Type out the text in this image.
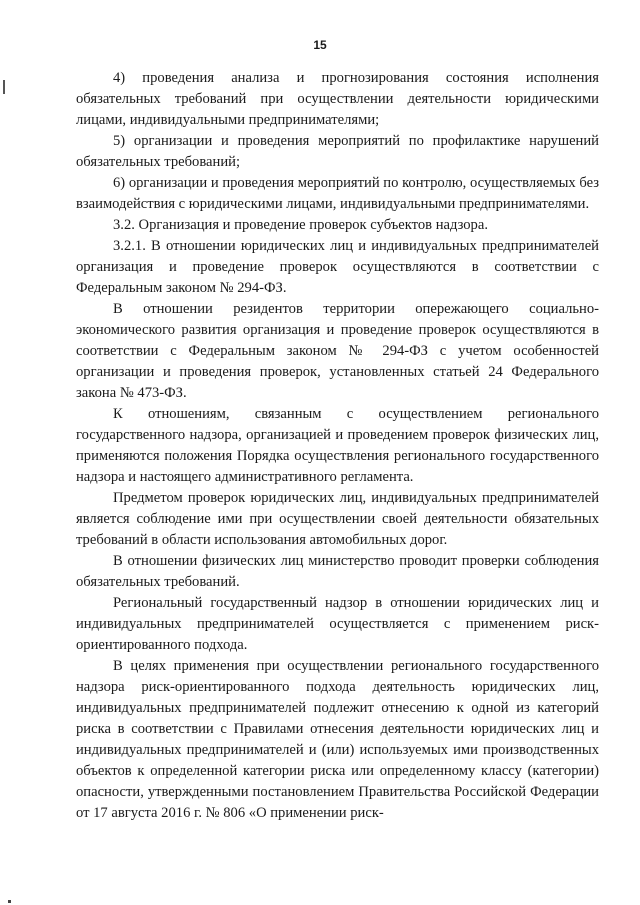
15

4) проведения анализа и прогнозирования состояния исполнения обязательных требований при осуществлении деятельности юридическими лицами, индивидуальными предпринимателями;

5) организации и проведения мероприятий по профилактике нарушений обязательных требований;

6) организации и проведения мероприятий по контролю, осуществляемых без взаимодействия с юридическими лицами, индивидуальными предпринимателями.

3.2. Организация и проведение проверок субъектов надзора.

3.2.1. В отношении юридических лиц и индивидуальных предпринимателей организация и проведение проверок осуществляются в соответствии с Федеральным законом № 294-ФЗ.

В отношении резидентов территории опережающего социально-экономического развития организация и проведение проверок осуществляются в соответствии с Федеральным законом № 294-ФЗ с учетом особенностей организации и проведения проверок, установленных статьей 24 Федерального закона № 473-ФЗ.

К отношениям, связанным с осуществлением регионального государственного надзора, организацией и проведением проверок физических лиц, применяются положения Порядка осуществления регионального государственного надзора и настоящего административного регламента.

Предметом проверок юридических лиц, индивидуальных предпринимателей является соблюдение ими при осуществлении своей деятельности обязательных требований в области использования автомобильных дорог.

В отношении физических лиц министерство проводит проверки соблюдения обязательных требований.

Региональный государственный надзор в отношении юридических лиц и индивидуальных предпринимателей осуществляется с применением риск-ориентированного подхода.

В целях применения при осуществлении регионального государственного надзора риск-ориентированного подхода деятельность юридических лиц, индивидуальных предпринимателей подлежит отнесению к одной из категорий риска в соответствии с Правилами отнесения деятельности юридических лиц и индивидуальных предпринимателей и (или) используемых ими производственных объектов к определенной категории риска или определенному классу (категории) опасности, утвержденными постановлением Правительства Российской Федерации от 17 августа 2016 г. № 806 «О применении риск-
